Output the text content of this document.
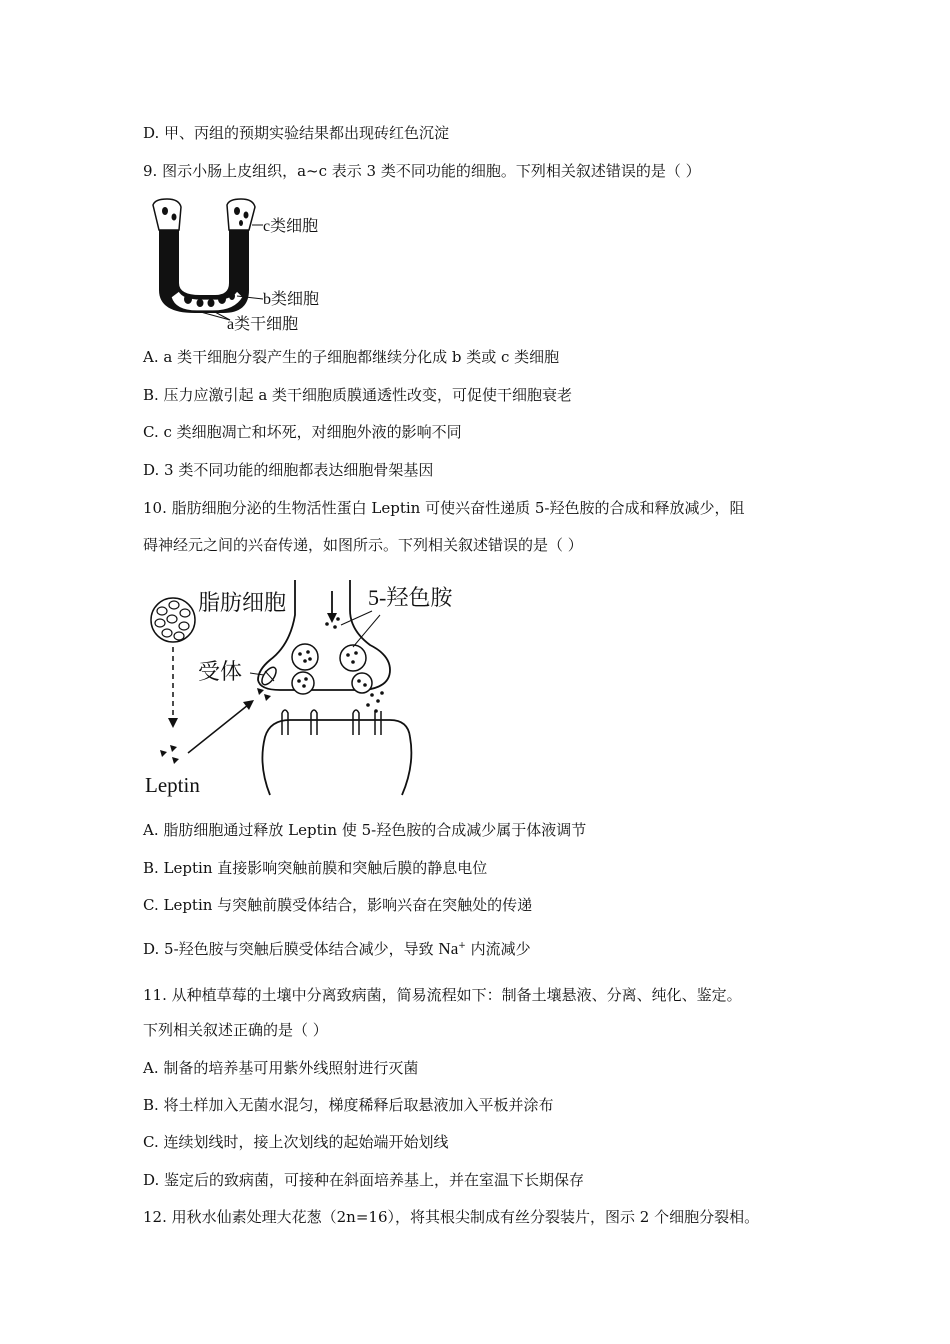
D. 甲、丙组的预期实验结果都出现砖红色沉淀
9. 图示小肠上皮组织，a~c 表示 3 类不同功能的细胞。下列相关叙述错误的是（ ）
c类细胞
b类细胞
a类干细胞
A. a 类干细胞分裂产生的子细胞都继续分化成 b 类或 c 类细胞
B. 压力应激引起 a 类干细胞质膜通透性改变，可促使干细胞衰老
C. c 类细胞凋亡和坏死，对细胞外液的影响不同
D. 3 类不同功能的细胞都表达细胞骨架基因
10. 脂肪细胞分泌的生物活性蛋白 Leptin 可使兴奋性递质 5-羟色胺的合成和释放减少，阻
碍神经元之间的兴奋传递，如图所示。下列相关叙述错误的是（ ）
脂肪细胞
Leptin
5-羟色胺
受体
A. 脂肪细胞通过释放 Leptin 使 5-羟色胺的合成减少属于体液调节
B. Leptin 直接影响突触前膜和突触后膜的静息电位
C. Leptin 与突触前膜受体结合，影响兴奋在突触处的传递
D. 5-羟色胺与突触后膜受体结合减少，导致 Na+ 内流减少
11. 从种植草莓的土壤中分离致病菌，简易流程如下：制备土壤悬液、分离、纯化、鉴定。
下列相关叙述正确的是（ ）
A. 制备的培养基可用紫外线照射进行灭菌
B. 将土样加入无菌水混匀，梯度稀释后取悬液加入平板并涂布
C. 连续划线时，接上次划线的起始端开始划线
D. 鉴定后的致病菌，可接种在斜面培养基上，并在室温下长期保存
12. 用秋水仙素处理大花葱（2n=16），将其根尖制成有丝分裂装片，图示 2 个细胞分裂相。
